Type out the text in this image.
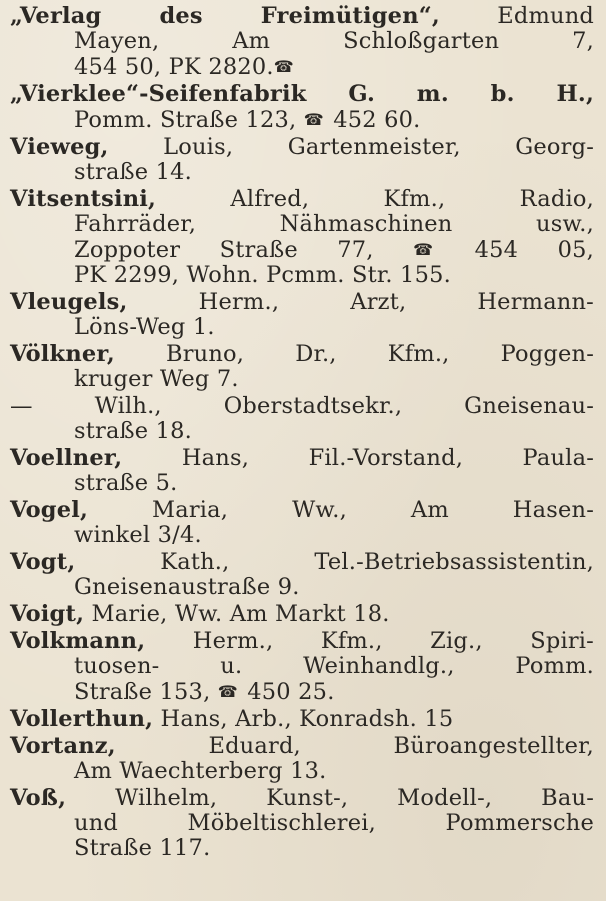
„Verlag des Freimütigen“, Edmund
Mayen, Am Schloßgarten 7,
454 50, PK 2820.☎
„Vierklee“-Seifenfabrik G. m. b. H.,
Pomm. Straße 123, ☎ 452 60.
Vieweg, Louis, Gartenmeister, Georg-
straße 14.
Vitsentsini, Alfred, Kfm., Radio,
Fahrräder, Nähmaschinen usw.,
Zoppoter Straße 77, ☎ 454 05,
PK 2299, Wohn. Pcmm. Str. 155.
Vleugels, Herm., Arzt, Hermann-
Löns-Weg 1.
Völkner, Bruno, Dr., Kfm., Poggen-
kruger Weg 7.
— Wilh., Oberstadtsekr., Gneisenau-
straße 18.
Voellner, Hans, Fil.-Vorstand, Paula-
straße 5.
Vogel, Maria, Ww., Am Hasen-
winkel 3/4.
Vogt, Kath., Tel.-Betriebsassistentin,
Gneisenaustraße 9.
Voigt, Marie, Ww. Am Markt 18.
Volkmann, Herm., Kfm., Zig., Spiri-
tuosen- u. Weinhandlg., Pomm.
Straße 153, ☎ 450 25.
Vollerthun, Hans, Arb., Konradsh. 15
Vortanz, Eduard, Büroangestellter,
Am Waechterberg 13.
Voß, Wilhelm, Kunst-, Modell-, Bau-
und Möbeltischlerei, Pommersche
Straße 117.
